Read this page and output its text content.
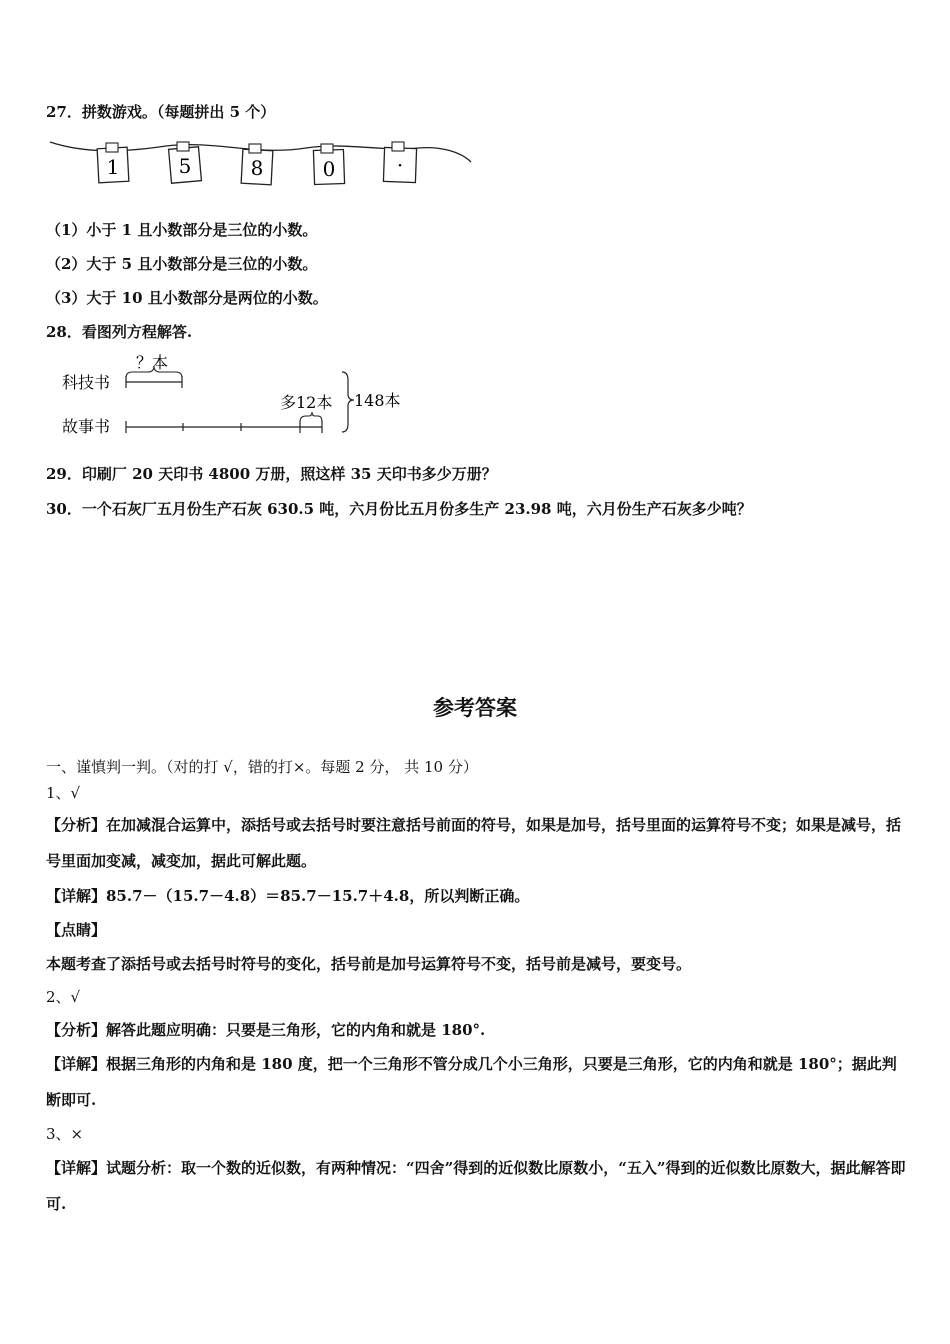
27．拼数游戏。（每题拼出 5 个）
1	5	8	0	·
（1）小于 1 且小数部分是三位的小数。
（2）大于 5 且小数部分是三位的小数。
（3）大于 10 且小数部分是两位的小数。
28．看图列方程解答.
？本
科技书
多12本
故事书
148本
29．印刷厂 20 天印书 4800 万册，照这样 35 天印书多少万册？
30．一个石灰厂五月份生产石灰 630.5 吨，六月份比五月份多生产 23.98 吨，六月份生产石灰多少吨？
参考答案
一、谨慎判一判。（对的打 √，错的打×。每题 2 分， 共 10 分）
1、√
【分析】在加减混合运算中，添括号或去括号时要注意括号前面的符号，如果是加号，括号里面的运算符号不变；如果是减号，括号里面加变减，减变加，据此可解此题。
【详解】85.7－（15.7－4.8）＝85.7－15.7＋4.8，所以判断正确。
【点睛】
本题考查了添括号或去括号时符号的变化，括号前是加号运算符号不变，括号前是减号，要变号。
2、√
【分析】解答此题应明确：只要是三角形，它的内角和就是 180°.
【详解】根据三角形的内角和是 180 度，把一个三角形不管分成几个小三角形，只要是三角形，它的内角和就是 180°；据此判断即可.
3、×
【详解】试题分析：取一个数的近似数，有两种情况：“四舍”得到的近似数比原数小，“五入”得到的近似数比原数大，据此解答即可.
